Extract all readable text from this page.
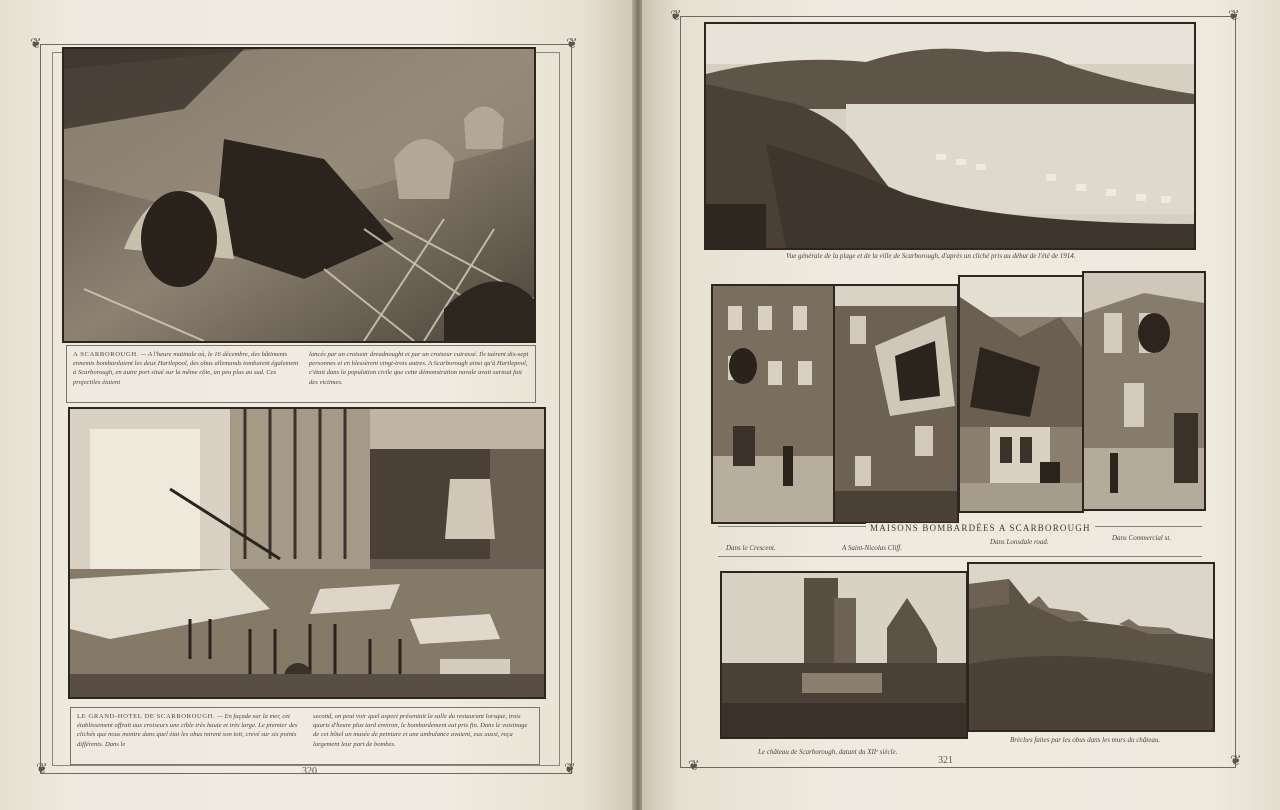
❦	❦
❦	❦
A SCARBOROUGH. — A l'heure matinale où, le 16 décembre, des bâtiments ennemis bombardaient les deux Hartlepool, des obus allemands tombaient également à Scarborough, en autre port situé sur la même côte, un peu plus au sud. Ces projectiles étaient
lancés par un croiseur dreadnought et par un croiseur cuirassé. Ils tuèrent dix-sept personnes et en blessèrent vingt-trois autres. A Scarborough ainsi qu'à Hartlepool, c'était dans la population civile que cette démonstration navale avait surtout fait des victimes.
LE GRAND-HOTEL DE SCARBOROUGH. — En façade sur la mer, cet établissement offrait aux croiseurs une cible très haute et très large. Le premier des clichés que nous montre dans quel état les obus mirent son toit, crevé sur six points différents. Dans le
second, on peut voir quel aspect présentait la salle du restaurant lorsque, trois quarts d'heure plus tard environ, le bombardement eut pris fin. Dans le voisinage de cet hôtel un musée de peinture et une ambulance avaient, eux aussi, reçu largement leur part de bombes.
320
❦	❦
❦	❦
Vue générale de la plage et de la ville de Scarborough, d'après un cliché pris au début de l'été de 1914.
MAISONS BOMBARDÉES A SCARBOROUGH
Dans le Crescent.	A Saint-Nicolas Cliff.
Dans Lonsdale road.	Dans Commercial st.
Le château de Scarborough, datant du XIIᵉ siècle.
Brèches faites par les obus dans les murs du château.
321
